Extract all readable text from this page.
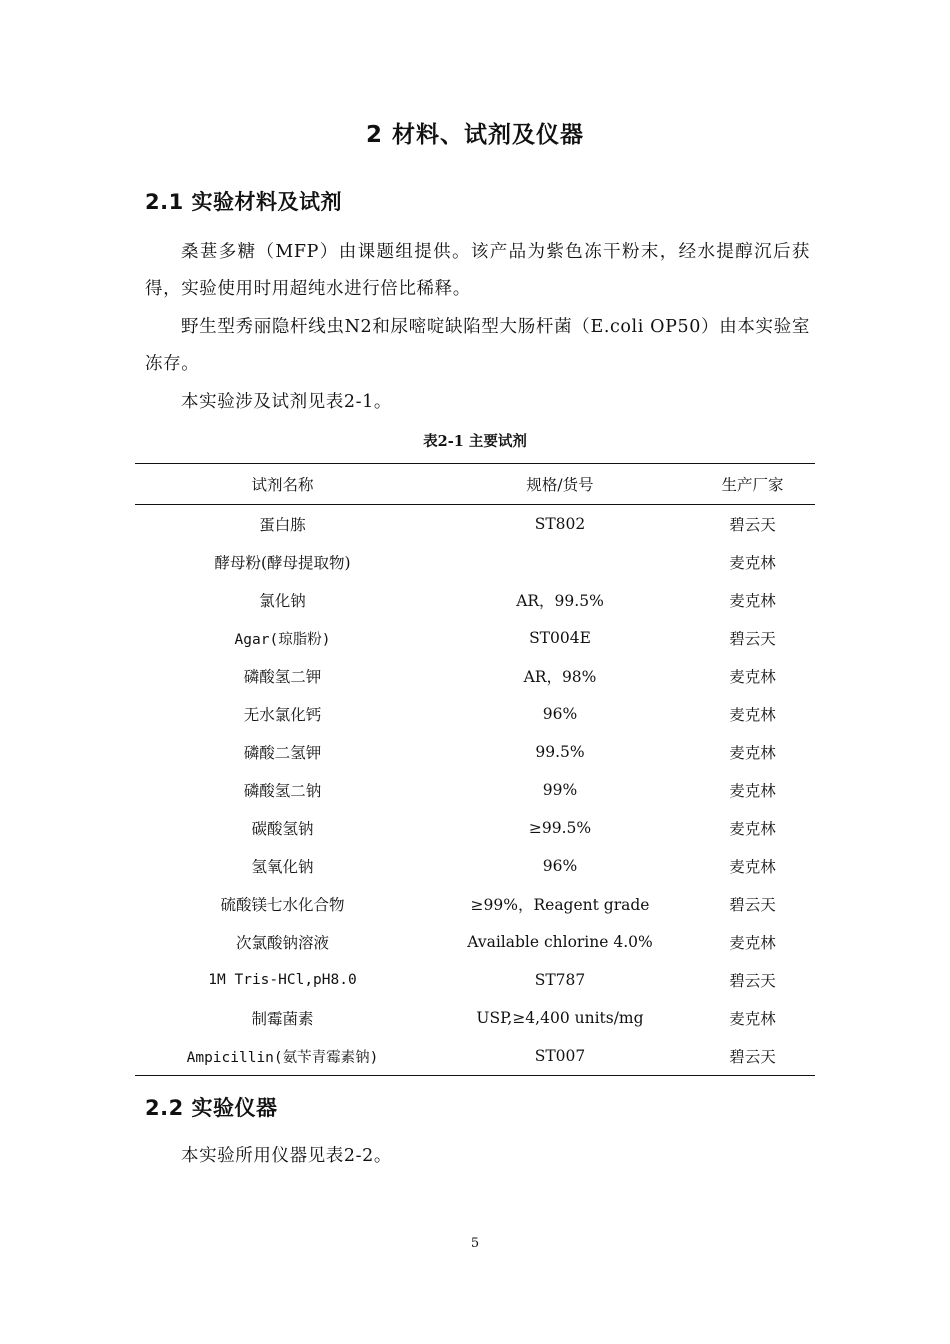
2 材料、试剂及仪器
2.1 实验材料及试剂
桑葚多糖（MFP）由课题组提供。该产品为紫色冻干粉末，经水提醇沉后获得，实验使用时用超纯水进行倍比稀释。
野生型秀丽隐杆线虫N2和尿嘧啶缺陷型大肠杆菌（E.coli OP50）由本实验室冻存。
本实验涉及试剂见表2-1。
表2-1 主要试剂
试剂名称	规格/货号	生产厂家
蛋白胨	ST802	碧云天
酵母粉(酵母提取物)		麦克林
氯化钠	AR，99.5%	麦克林
Agar(琼脂粉)	ST004E	碧云天
磷酸氢二钾	AR，98%	麦克林
无水氯化钙	96%	麦克林
磷酸二氢钾	99.5%	麦克林
磷酸氢二钠	99%	麦克林
碳酸氢钠	≥99.5%	麦克林
氢氧化钠	96%	麦克林
硫酸镁七水化合物	≥99%，Reagent grade	碧云天
次氯酸钠溶液	Available chlorine 4.0%	麦克林
1M Tris-HCl,pH8.0	ST787	碧云天
制霉菌素	USP,≥4,400 units/mg	麦克林
Ampicillin(氨苄青霉素钠)	ST007	碧云天
2.2 实验仪器
本实验所用仪器见表2-2。
5
